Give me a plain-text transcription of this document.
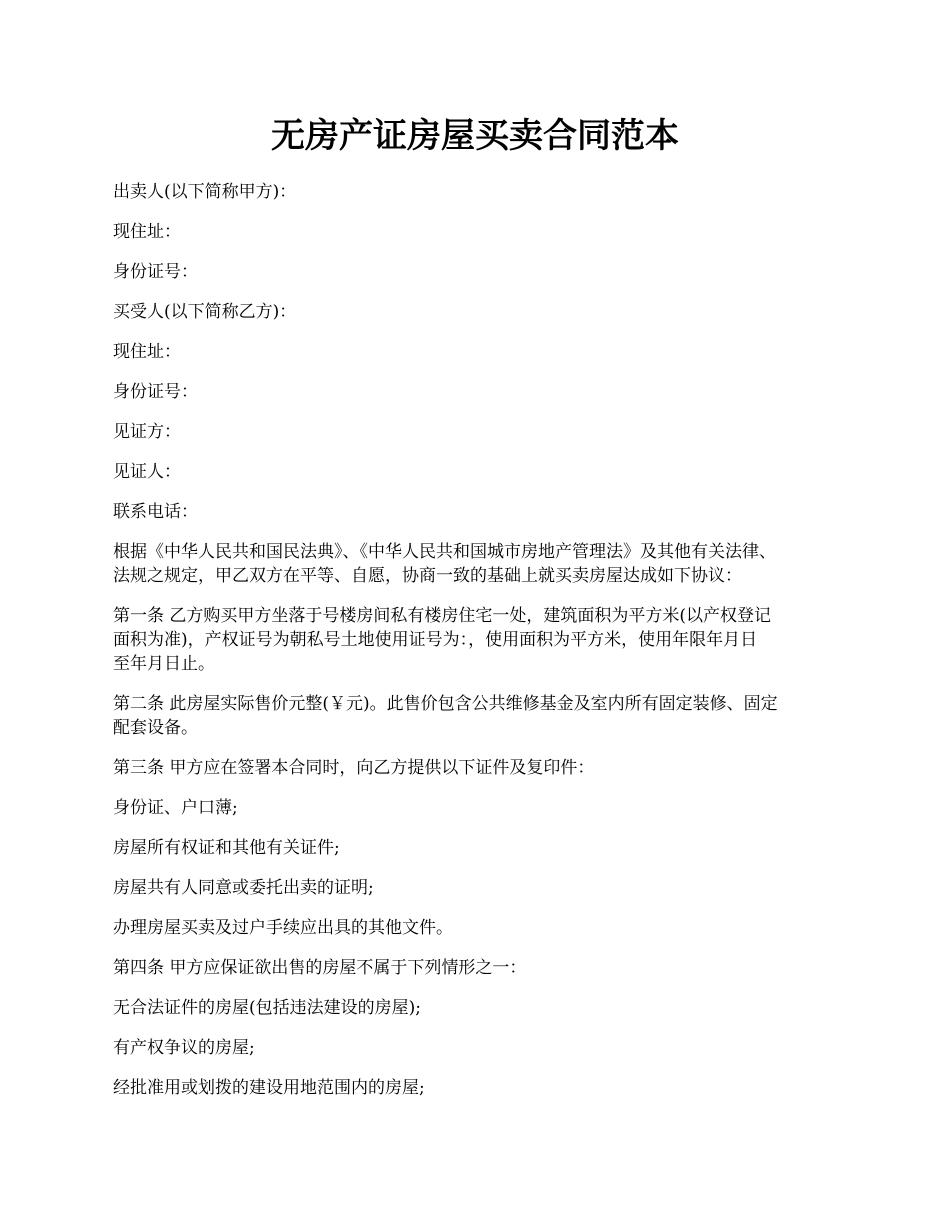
无房产证房屋买卖合同范本

出卖人(以下简称甲方)：

现住址：

身份证号：

买受人(以下简称乙方)：

现住址：

身份证号：

见证方：

见证人：

联系电话：

根据《中华人民共和国民法典》、《中华人民共和国城市房地产管理法》及其他有关法律、
法规之规定，甲乙双方在平等、自愿，协商一致的基础上就买卖房屋达成如下协议：

第一条 乙方购买甲方坐落于号楼房间私有楼房住宅一处，建筑面积为平方米(以产权登记
面积为准)，产权证号为朝私号土地使用证号为：，使用面积为平方米，使用年限年月日
至年月日止。

第二条 此房屋实际售价元整(￥元)。此售价包含公共维修基金及室内所有固定装修、固定
配套设备。

第三条 甲方应在签署本合同时，向乙方提供以下证件及复印件：

身份证、户口薄;

房屋所有权证和其他有关证件;

房屋共有人同意或委托出卖的证明;

办理房屋买卖及过户手续应出具的其他文件。

第四条 甲方应保证欲出售的房屋不属于下列情形之一：

无合法证件的房屋(包括违法建设的房屋);

有产权争议的房屋;

经批准用或划拨的建设用地范围内的房屋;
